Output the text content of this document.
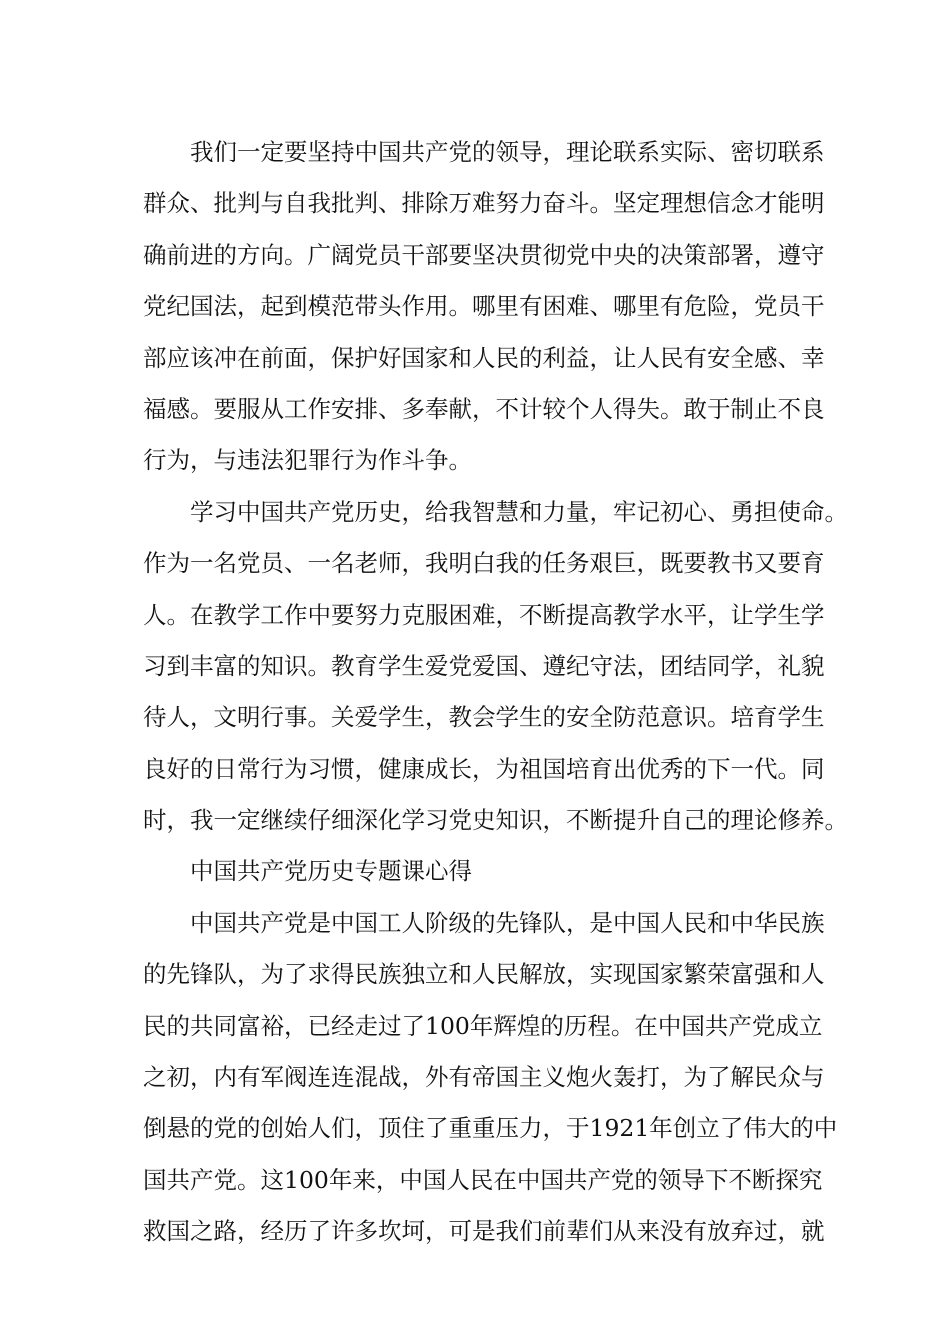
我们一定要坚持中国共产党的领导，理论联系实际、密切联系
群众、批判与自我批判、排除万难努力奋斗。坚定理想信念才能明
确前进的方向。广阔党员干部要坚决贯彻党中央的决策部署，遵守
党纪国法，起到模范带头作用。哪里有困难、哪里有危险，党员干
部应该冲在前面，保护好国家和人民的利益，让人民有安全感、幸
福感。要服从工作安排、多奉献，不计较个人得失。敢于制止不良
行为，与违法犯罪行为作斗争。
学习中国共产党历史，给我智慧和力量，牢记初心、勇担使命。
作为一名党员、一名老师，我明白我的任务艰巨，既要教书又要育
人。在教学工作中要努力克服困难，不断提高教学水平，让学生学
习到丰富的知识。教育学生爱党爱国、遵纪守法，团结同学，礼貌
待人，文明行事。关爱学生，教会学生的安全防范意识。培育学生
良好的日常行为习惯，健康成长，为祖国培育出优秀的下一代。同
时，我一定继续仔细深化学习党史知识，不断提升自己的理论修养。
中国共产党历史专题课心得
中国共产党是中国工人阶级的先锋队，是中国人民和中华民族
的先锋队，为了求得民族独立和人民解放，实现国家繁荣富强和人
民的共同富裕，已经走过了100年辉煌的历程。在中国共产党成立
之初，内有军阀连连混战，外有帝国主义炮火轰打，为了解民众与
倒悬的党的创始人们，顶住了重重压力，于1921年创立了伟大的中
国共产党。这100年来，中国人民在中国共产党的领导下不断探究
救国之路，经历了许多坎坷，可是我们前辈们从来没有放弃过，就
